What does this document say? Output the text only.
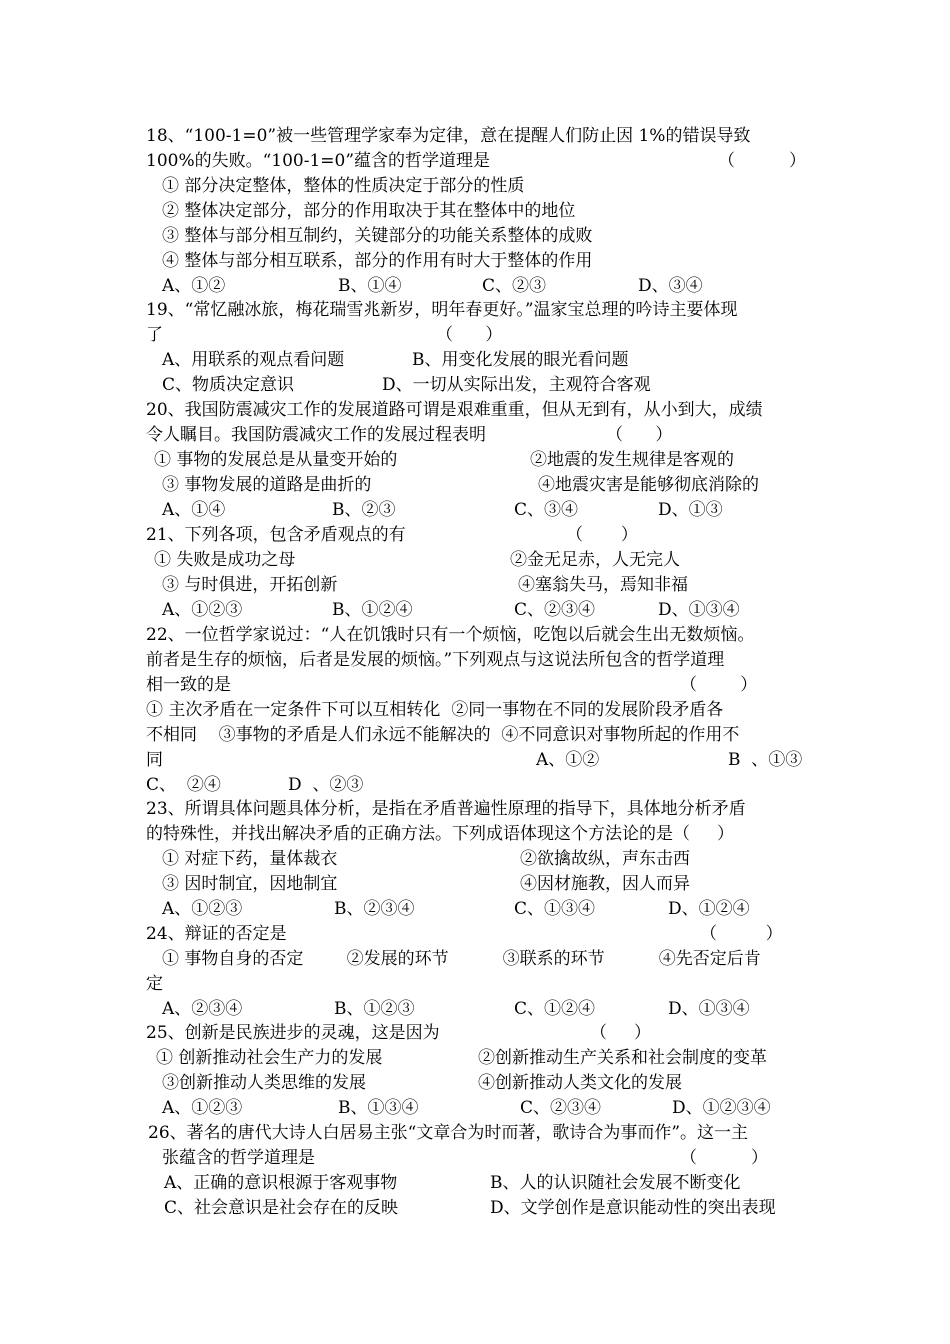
18、“100-1=0”被一些管理学家奉为定律，意在提醒人们防止因 1%的错误导致

100%的失败。“100-1=0”蕴含的哲学道理是

	（          ）

① 部分决定整体，整体的性质决定于部分的性质
② 整体决定部分，部分的作用取决于其在整体中的地位
③ 整体与部分相互制约，关键部分的功能关系整体的成败
④ 整体与部分相互联系，部分的作用有时大于整体的作用

A、①②

	B、①④

	C、②③

	D、③④

19、“常忆融冰旅，梅花瑞雪兆新岁，明年春更好。”温家宝总理的吟诗主要体现

了

	（      ）

A、用联系的观点看问题

	B、用变化发展的眼光看问题

C、物质决定意识

	D、一切从实际出发，主观符合客观

20、我国防震减灾工作的发展道路可谓是艰难重重，但从无到有，从小到大，成绩

令人瞩目。我国防震减灾工作的发展过程表明

	（      ）

① 事物的发展总是从量变开始的

	②地震的发生规律是客观的

③ 事物发展的道路是曲折的

	④地震灾害是能够彻底消除的

A、①④

	B、②③

	C、③④

	D、①③

21、下列各项，包含矛盾观点的有

	（       ）

① 失败是成功之母

	②金无足赤，人无完人

③ 与时俱进，开拓创新

	④塞翁失马，焉知非福

A、①②③

	B、①②④

	C、②③④

	D、①③④

22、一位哲学家说过：“人在饥饿时只有一个烦恼，吃饱以后就会生出无数烦恼。
前者是生存的烦恼，后者是发展的烦恼。”下列观点与这说法所包含的哲学道理

相一致的是

	（        ）

① 主次矛盾在一定条件下可以互相转化  ②同一事物在不同的发展阶段矛盾各
不相同    ③事物的矛盾是人们永远不能解决的  ④不同意识对事物所起的作用不

同

	A、①②

	B  、①③

C、  ②④

	D  、②③

23、所谓具体问题具体分析，是指在矛盾普遍性原理的指导下，具体地分析矛盾
的特殊性，并找出解决矛盾的正确方法。下列成语体现这个方法论的是（     ）

① 对症下药，量体裁衣

	②欲擒故纵，声东击西

③ 因时制宜，因地制宜

	④因材施教，因人而异

A、①②③

	B、②③④

	C、①③④

	D、①②④

24、辩证的否定是

	（         ）

① 事物自身的否定        ②发展的环节          ③联系的环节          ④先否定后肯
定

A、②③④

	B、①②③

	C、①②④

	D、①③④

25、创新是民族进步的灵魂，这是因为

	（     ）

① 创新推动社会生产力的发展

	②创新推动生产关系和社会制度的变革

③创新推动人类思维的发展

	④创新推动人类文化的发展

A、①②③

	B、①③④

	C、②③④

	D、①②③④

26、著名的唐代大诗人白居易主张“文章合为时而著，歌诗合为事而作”。这一主

张蕴含的哲学道理是

	（          ）

A、正确的意识根源于客观事物

	B、人的认识随社会发展不断变化

C、社会意识是社会存在的反映

	D、文学创作是意识能动性的突出表现
